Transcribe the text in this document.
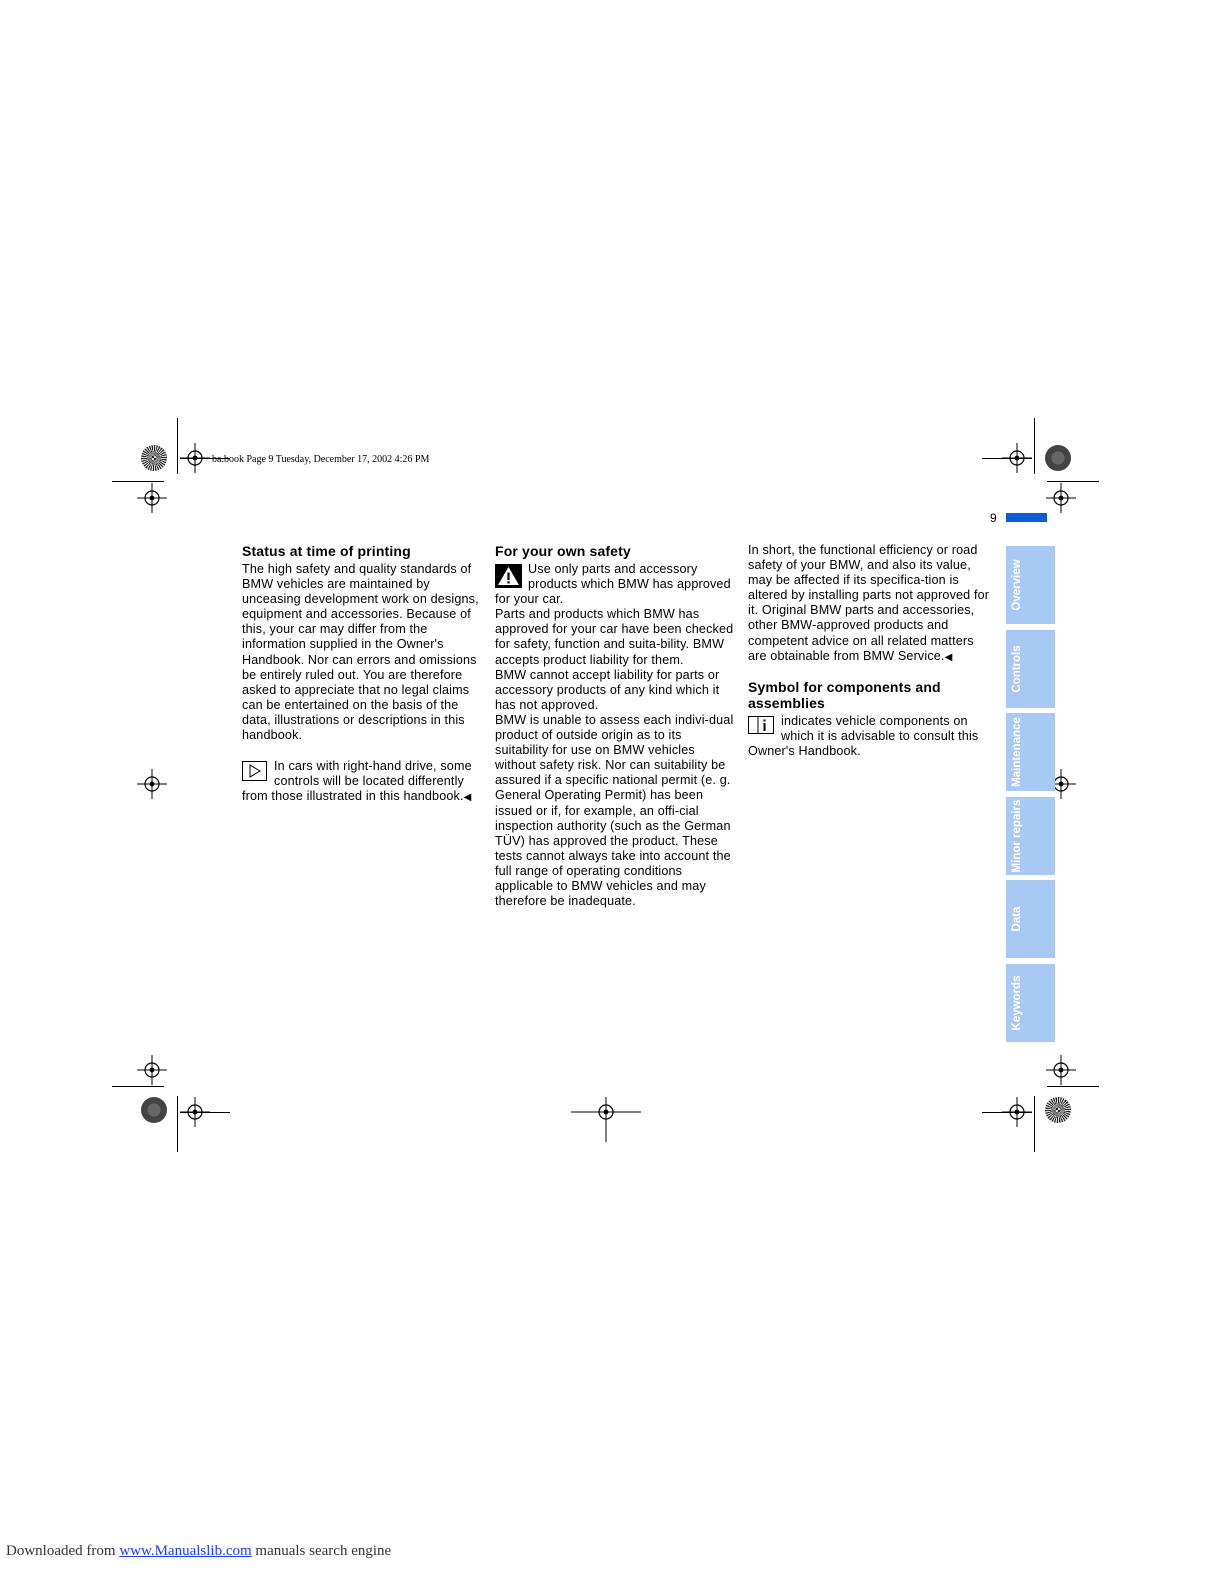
ba.book Page 9 Tuesday, December 17, 2002 4:26 PM
9
Status at time of printing

The high safety and quality standards of BMW vehicles are maintained by unceasing development work on designs, equipment and accessories. Because of this, your car may differ from the information supplied in the Owner's Handbook. Nor can errors and omissions be entirely ruled out. You are therefore asked to appreciate that no legal claims can be entertained on the basis of the data, illustrations or descriptions in this handbook.

In cars with right-hand drive, some controls will be located differently from those illustrated in this handbook.◀

For your own safety

Use only parts and accessory products which BMW has approved for your car.

Parts and products which BMW has approved for your car have been checked for safety, function and suita-bility. BMW accepts product liability for them.

BMW cannot accept liability for parts or accessory products of any kind which it has not approved.

BMW is unable to assess each indivi-dual product of outside origin as to its suitability for use on BMW vehicles without safety risk. Nor can suitability be assured if a specific national permit (e. g. General Operating Permit) has been issued or if, for example, an offi-cial inspection authority (such as the German TÜV) has approved the product. These tests cannot always take into account the full range of operating conditions applicable to BMW vehicles and may therefore be inadequate.

In short, the functional efficiency or road safety of your BMW, and also its value, may be affected if its specifica-tion is altered by installing parts not approved for it. Original BMW parts and accessories, other BMW-approved products and competent advice on all related matters are obtainable from BMW Service.◀

Symbol for components and assemblies

indicates vehicle components on which it is advisable to consult this Owner's Handbook.

Overview
Controls
Maintenance
Minor repairs
Data
Keywords
Downloaded from www.Manualslib.com manuals search engine
